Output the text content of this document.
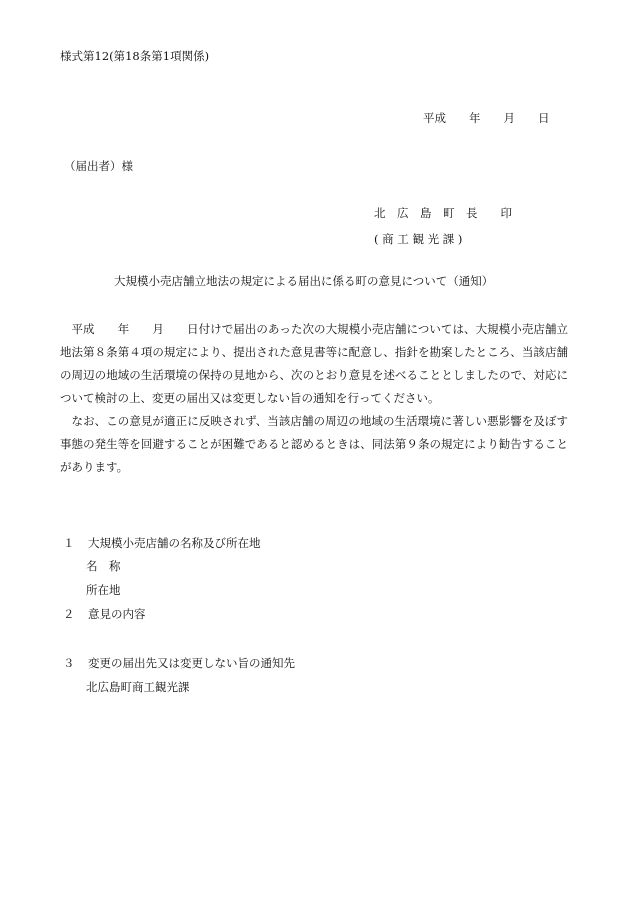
様式第12(第18条第1項関係)
平成　　年　　月　　日
（届出者）様
北　広　島　町　長　　印
( 商 工 観 光 課 )
大規模小売店舗立地法の規定による届出に係る町の意見について（通知）

平成　　年　　月　　日付けで届出のあった次の大規模小売店舗については、大規模小売店舗立地法第８条第４項の規定により、提出された意見書等に配意し、指針を勘案したところ、当該店舗の周辺の地域の生活環境の保持の見地から、次のとおり意見を述べることとしましたので、対応について検討の上、変更の届出又は変更しない旨の通知を行ってください。

なお、この意見が適正に反映されず、当該店舗の周辺の地域の生活環境に著しい悪影響を及ぼす事態の発生等を回避することが困難であると認めるときは、同法第９条の規定により勧告することがあります。

１ 大規模小売店舗の名称及び所在地
名　称
所在地
２ 意見の内容
３ 変更の届出先又は変更しない旨の通知先
北広島町商工観光課
